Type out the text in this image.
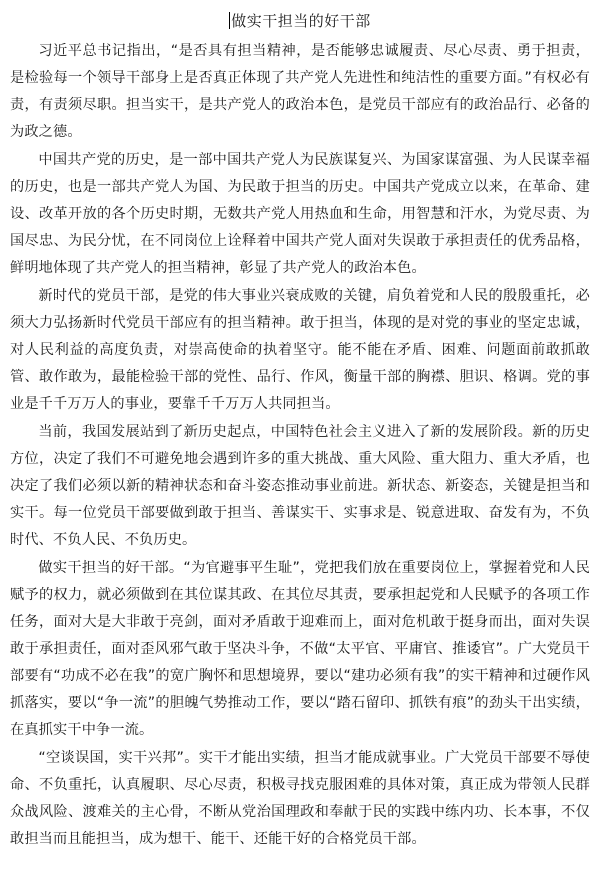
做实干担当的好干部

习近平总书记指出，“是否具有担当精神，是否能够忠诚履责、尽心尽责、勇于担责，是检验每一个领导干部身上是否真正体现了共产党人先进性和纯洁性的重要方面。”有权必有责，有责须尽职。担当实干，是共产党人的政治本色，是党员干部应有的政治品行、必备的为政之德。

中国共产党的历史，是一部中国共产党人为民族谋复兴、为国家谋富强、为人民谋幸福的历史，也是一部共产党人为国、为民敢于担当的历史。中国共产党成立以来，在革命、建设、改革开放的各个历史时期，无数共产党人用热血和生命，用智慧和汗水，为党尽责、为国尽忠、为民分忧，在不同岗位上诠释着中国共产党人面对失误敢于承担责任的优秀品格，鲜明地体现了共产党人的担当精神，彰显了共产党人的政治本色。

新时代的党员干部，是党的伟大事业兴衰成败的关键，肩负着党和人民的殷殷重托，必须大力弘扬新时代党员干部应有的担当精神。敢于担当，体现的是对党的事业的坚定忠诚，对人民利益的高度负责，对崇高使命的执着坚守。能不能在矛盾、困难、问题面前敢抓敢管、敢作敢为，最能检验干部的党性、品行、作风，衡量干部的胸襟、胆识、格调。党的事业是千千万万人的事业，要靠千千万万人共同担当。

当前，我国发展站到了新历史起点，中国特色社会主义进入了新的发展阶段。新的历史方位，决定了我们不可避免地会遇到许多的重大挑战、重大风险、重大阻力、重大矛盾，也决定了我们必须以新的精神状态和奋斗姿态推动事业前进。新状态、新姿态，关键是担当和实干。每一位党员干部要做到敢于担当、善谋实干、实事求是、锐意进取、奋发有为，不负时代、不负人民、不负历史。

做实干担当的好干部。“为官避事平生耻”，党把我们放在重要岗位上，掌握着党和人民赋予的权力，就必须做到在其位谋其政、在其位尽其责，要承担起党和人民赋予的各项工作任务，面对大是大非敢于亮剑，面对矛盾敢于迎难而上，面对危机敢于挺身而出，面对失误敢于承担责任，面对歪风邪气敢于坚决斗争，不做“太平官、平庸官、推诿官”。广大党员干部要有“功成不必在我”的宽广胸怀和思想境界，要以“建功必须有我”的实干精神和过硬作风抓落实，要以“争一流”的胆魄气势推动工作，要以“踏石留印、抓铁有痕”的劲头干出实绩，在真抓实干中争一流。

“空谈误国，实干兴邦”。实干才能出实绩，担当才能成就事业。广大党员干部要不辱使命、不负重托，认真履职、尽心尽责，积极寻找克服困难的具体对策，真正成为带领人民群众战风险、渡难关的主心骨，不断从党治国理政和奉献于民的实践中练内功、长本事，不仅敢担当而且能担当，成为想干、能干、还能干好的合格党员干部。
